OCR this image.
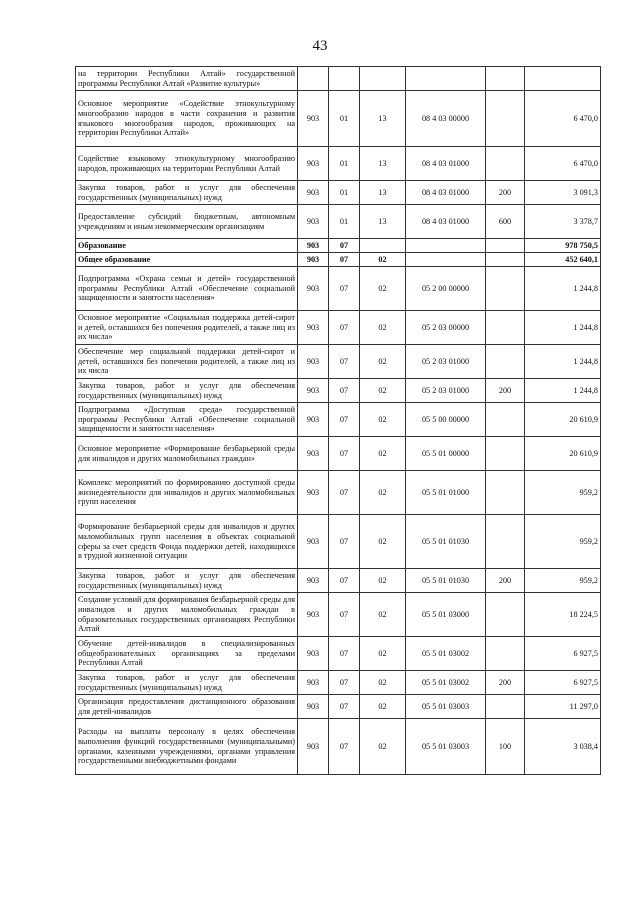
43
на территории Республики Алтай» государственной программы Республики Алтай «Развитие культуры»						
Основное мероприятие «Содействие этнокультурному многообразию народов в части сохранения и развития языкового многообразия народов, проживающих на территории Республики Алтай»	903	01	13	08 4 03 00000		6 470,0
Содействие языковому этнокультурному многообразию народов, проживающих на территории Республики Алтай	903	01	13	08 4 03 01000		6 470,0
Закупка товаров, работ и услуг для обеспечения государственных (муниципальных) нужд	903	01	13	08 4 03 01000	200	3 091,3
Предоставление субсидий бюджетным, автономным учреждениям и иным некоммерческим организациям	903	01	13	08 4 03 01000	600	3 378,7
Образование	903	07				978 750,5
Общее образование	903	07	02			452 640,1
Подпрограмма «Охрана семьи и детей» государственной программы Республики Алтай «Обеспечение социальной защищенности и занятости населения»	903	07	02	05 2 00 00000		1 244,8
Основное мероприятие «Социальная поддержка детей-сирот и детей, оставшихся без попечения родителей, а также лиц из их числа»	903	07	02	05 2 03 00000		1 244,8
Обеспечение мер социальной поддержки детей-сирот и детей, оставшихся без попечения родителей, а также лиц из их числа	903	07	02	05 2 03 01000		1 244,8
Закупка товаров, работ и услуг для обеспечения государственных (муниципальных) нужд	903	07	02	05 2 03 01000	200	1 244,8
Подпрограмма «Доступная среда» государственной программы Республики Алтай «Обеспечение социальной защищенности и занятости населения»	903	07	02	05 5 00 00000		20 610,9
Основное мероприятие «Формирование безбарьерной среды для инвалидов и других маломобильных граждан»	903	07	02	05 5 01 00000		20 610,9
Комплекс мероприятий по формированию доступной среды жизнедеятельности для инвалидов и других маломобильных групп населения	903	07	02	05 5 01 01000		959,2
Формирование безбарьерной среды для инвалидов и других маломобильных групп населения в объектах социальной сферы за счет средств Фонда поддержки детей, находящихся в трудной жизненной ситуации	903	07	02	05 5 01 01030		959,2
Закупка товаров, работ и услуг для обеспечения государственных (муниципальных) нужд	903	07	02	05 5 01 01030	200	959,2
Создание условий для формирования безбарьерной среды для инвалидов и других маломобильных граждан в образовательных государственных организациях Республики Алтай	903	07	02	05 5 01 03000		18 224,5
Обучение детей-инвалидов в специализированных общеобразовательных организациях за пределами Республики Алтай	903	07	02	05 5 01 03002		6 927,5
Закупка товаров, работ и услуг для обеспечения государственных (муниципальных) нужд	903	07	02	05 5 01 03002	200	6 927,5
Организация предоставления дистанционного образования для детей-инвалидов	903	07	02	05 5 01 03003		11 297,0
Расходы на выплаты персоналу в целях обеспечения выполнения функций государственными (муниципальными) органами, казенными учреждениями, органами управления государственными внебюджетными фондами	903	07	02	05 5 01 03003	100	3 038,4
